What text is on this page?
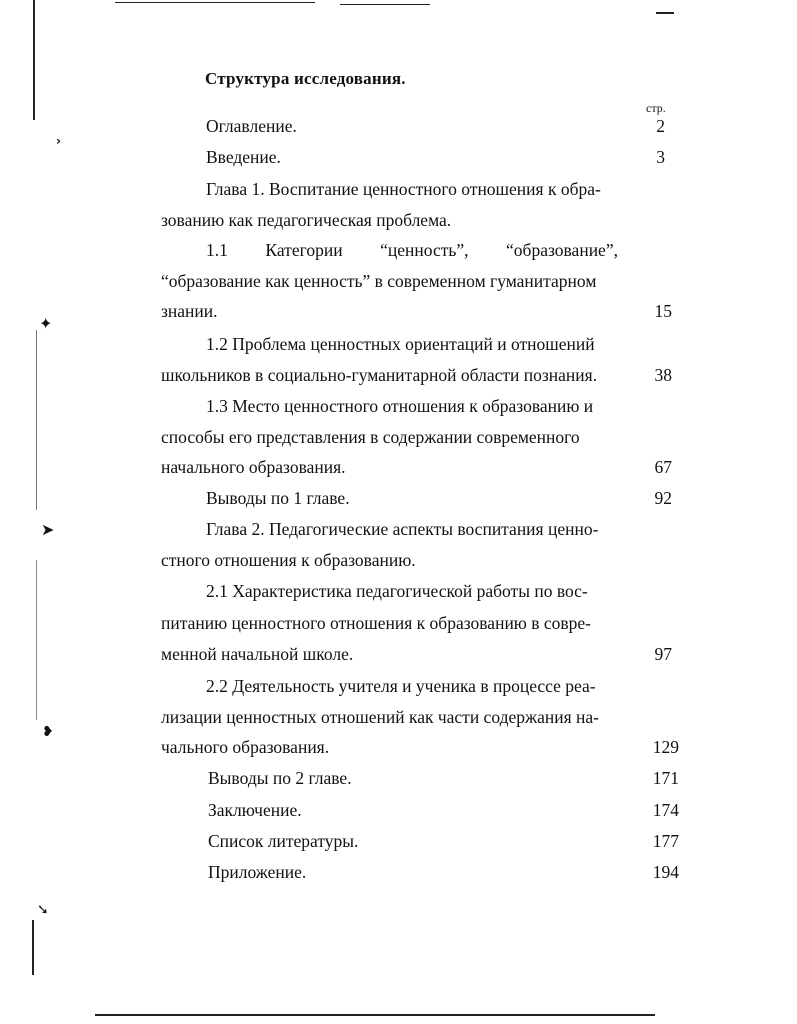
›
✦
➤
❥
➘
Структура исследования.
стр.
Оглавление.
Введение.
Глава 1. Воспитание ценностного отношения к обра-
зованию как педагогическая проблема.
1.1 Категории “ценность”, “образование”,
“образование как ценность” в современном гуманитарном
знании.
1.2 Проблема ценностных ориентаций и отношений
школьников в социально-гуманитарной области познания.
1.3 Место ценностного отношения к образованию и
способы его представления в содержании современного
начального образования.
Выводы по 1 главе.
Глава 2. Педагогические аспекты воспитания ценно-
стного отношения к образованию.
2.1 Характеристика педагогической работы по вос-
питанию ценностного отношения к образованию в совре-
менной начальной школе.
2.2 Деятельность учителя и ученика в процессе реа-
лизации ценностных отношений как части содержания на-
чального образования.
Выводы по 2 главе.
Заключение.
Список литературы.
Приложение.
2
3
15
38
67
92
97
129
171
174
177
194
